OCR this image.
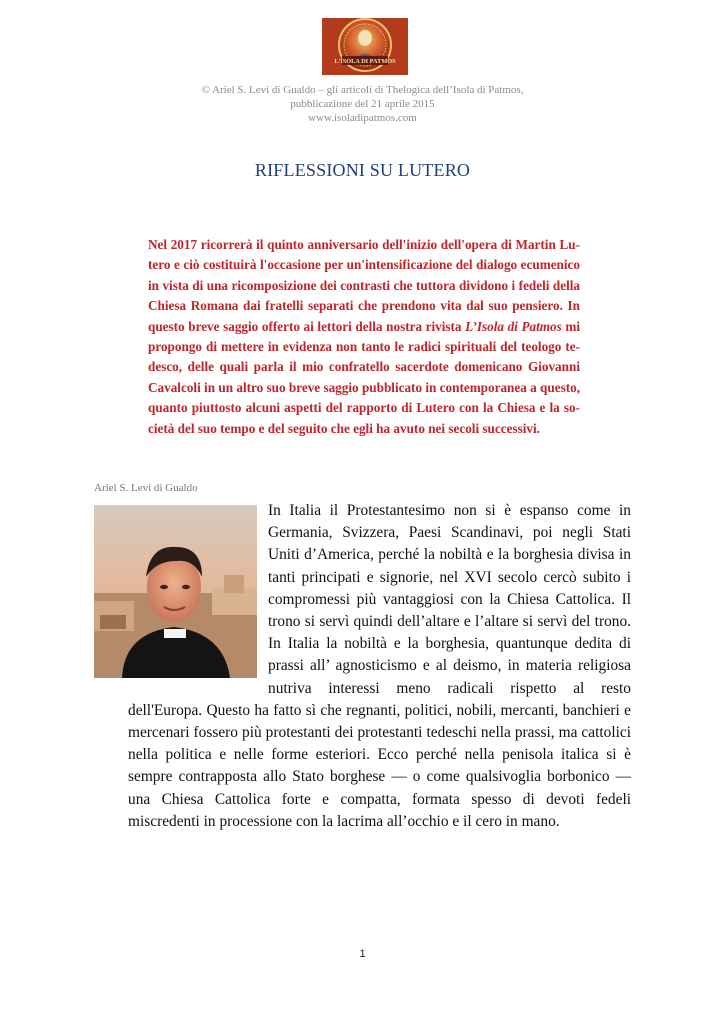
L'ISOLA DI PATMOS
© Ariel S. Levi di Gualdo – gli articoli di Thelogica dell’Isola di Patmos,
pubblicazione del 21 aprile 2015
www.isoladipatmos.com
RIFLESSIONI SU LUTERO
Nel 2017 ricorrerà il quinto anniversario dell'inizio dell'opera di Martin Lutero e ciò costituirà l'occasione per un'intensificazione del dialogo ecumenico in vista di una ricomposizione dei contrasti che tuttora dividono i fedeli della Chiesa Romana dai fratelli separati che prendono vita dal suo pensiero. In questo breve saggio offerto ai lettori della nostra rivista L’Isola di Patmos mi propongo di mettere in evidenza non tanto le radici spirituali del teologo tedesco, delle quali parla il mio confratello sacerdote domenicano Giovanni Cavalcoli in un altro suo breve saggio pubblicato in contemporanea a questo, quanto piuttosto alcuni aspetti del rapporto di Lutero con la Chiesa e la società del suo tempo e del seguito che egli ha avuto nei secoli successivi.
Ariel S. Levi di Gualdo
In Italia il Protestantesimo non si è espanso come in Germania, Svizzera, Paesi Scandinavi, poi negli Stati Uniti d’America, perché la nobiltà e la borghesia divisa in tanti principati e signorie, nel XVI secolo cercò subito i compromessi più vantaggiosi con la Chiesa Cattolica. Il trono si servì quindi dell’altare e l’altare si servì del trono. In Italia la nobiltà e la borghesia, quantunque dedita di prassi all’ agnosticismo e al deismo, in materia religiosa nutriva interessi meno radicali rispetto al resto dell'Europa. Questo ha fatto sì che regnanti, politici, nobili, mercanti, banchieri e mercenari fossero più protestanti dei protestanti tedeschi nella prassi, ma cattolici nella politica e nelle forme esteriori. Ecco perché nella penisola italica si è sempre contrapposta allo Stato borghese — o come qualsivoglia borbonico — una Chiesa Cattolica forte e compatta, formata spesso di devoti fedeli miscredenti in processione con la lacrima all’occhio e il cero in mano.
1
